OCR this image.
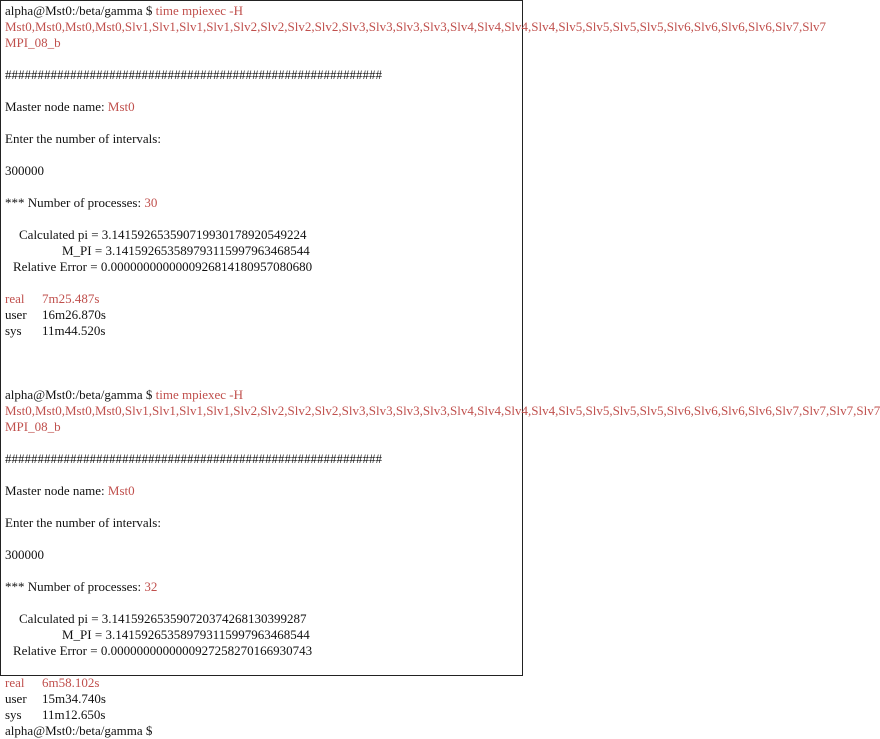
alpha@Mst0:/beta/gamma $ time mpiexec -H Mst0,Mst0,Mst0,Mst0,Slv1,Slv1,Slv1,Slv1,Slv2,Slv2,Slv2,Slv2,Slv3,Slv3,Slv3,Slv3,Slv4,Slv4,Slv4,Slv4,Slv5,Slv5,Slv5,Slv5,Slv6,Slv6,Slv6,Slv6,Slv7,Slv7 MPI_08_b
##########################################################
Master node name: Mst0
Enter the number of intervals:
300000
*** Number of processes: 30
Calculated pi = 3.14159265359071993017892054922​4
M_PI = 3.14159265358979311599796346854​4
Relative Error = 0.000000000000092681418095708068​0
real 7m25.487s
user 16m26.870s
sys 11m44.520s
alpha@Mst0:/beta/gamma $ time mpiexec -H Mst0,Mst0,Mst0,Mst0,Slv1,Slv1,Slv1,Slv1,Slv2,Slv2,Slv2,Slv2,Slv3,Slv3,Slv3,Slv3,Slv4,Slv4,Slv4,Slv4,Slv5,Slv5,Slv5,Slv5,Slv6,Slv6,Slv6,Slv6,Slv7,Slv7,Slv7,Slv7 MPI_08_b
##########################################################
Master node name: Mst0
Enter the number of intervals:
300000
*** Number of processes: 32
Calculated pi = 3.14159265359072037426813039928​7
M_PI = 3.14159265358979311599796346854​4
Relative Error = 0.000000000000092725827016693074​3
real 6m58.102s
user 15m34.740s
sys 11m12.650s
alpha@Mst0:/beta/gamma $
